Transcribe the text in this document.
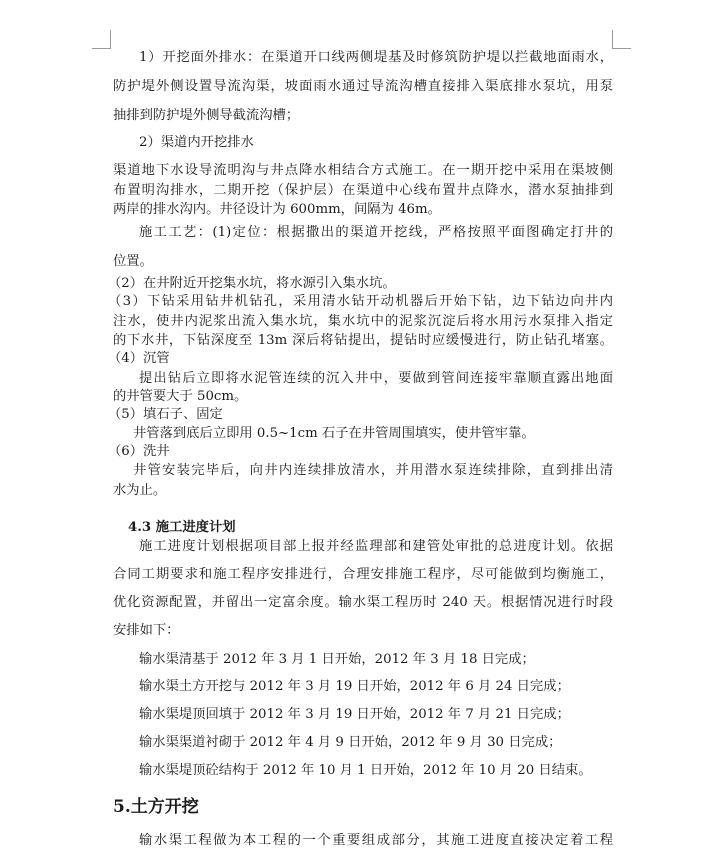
1）开挖面外排水：在渠道开口线两侧堤基及时修筑防护堤以拦截地面雨水，
防护堤外侧设置导流沟渠，坡面雨水通过导流沟槽直接排入渠底排水泵坑，用泵
抽排到防护堤外侧导截流沟槽；
2）渠道内开挖排水
渠道地下水设导流明沟与井点降水相结合方式施工。在一期开挖中采用在渠坡侧
布置明沟排水，二期开挖（保护层）在渠道中心线布置井点降水，潜水泵抽排到
两岸的排水沟内。井径设计为 600mm，间隔为 46m。
施工工艺：(1)定位：根据撒出的渠道开挖线，严格按照平面图确定打井的
位置。
（2）在井附近开挖集水坑，将水源引入集水坑。
（3）下钻采用钻井机钻孔，采用清水钻开动机器后开始下钻，边下钻边向井内
注水，使井内泥浆出流入集水坑，集水坑中的泥浆沉淀后将水用污水泵排入指定
的下水井，下钻深度至 13m 深后将钻提出，提钻时应缓慢进行，防止钻孔堵塞。
（4）沉管
提出钻后立即将水泥管连续的沉入井中，要做到管间连接牢靠顺直露出地面
的井管要大于 50cm。
（5）填石子、固定
井管落到底后立即用 0.5~1cm 石子在井管周围填实，使井管牢靠。
（6）洗井
井管安装完毕后，向井内连续排放清水，并用潜水泵连续排除，直到排出清
水为止。
4.3 施工进度计划
施工进度计划根据项目部上报并经监理部和建管处审批的总进度计划。依据
合同工期要求和施工程序安排进行，合理安排施工程序，尽可能做到均衡施工，
优化资源配置，并留出一定富余度。输水渠工程历时 240 天。根据情况进行时段
安排如下：
输水渠清基于 2012 年 3 月 1 日开始，2012 年 3 月 18 日完成；
输水渠土方开挖与 2012 年 3 月 19 日开始，2012 年 6 月 24 日完成；
输水渠堤顶回填于 2012 年 3 月 19 日开始，2012 年 7 月 21 日完成；
输水渠渠道衬砌于 2012 年 4 月 9 日开始，2012 年 9 月 30 日完成；
输水渠堤顶砼结构于 2012 年 10 月 1 日开始，2012 年 10 月 20 日结束。
5.土方开挖
输水渠工程做为本工程的一个重要组成部分，其施工进度直接决定着工程
